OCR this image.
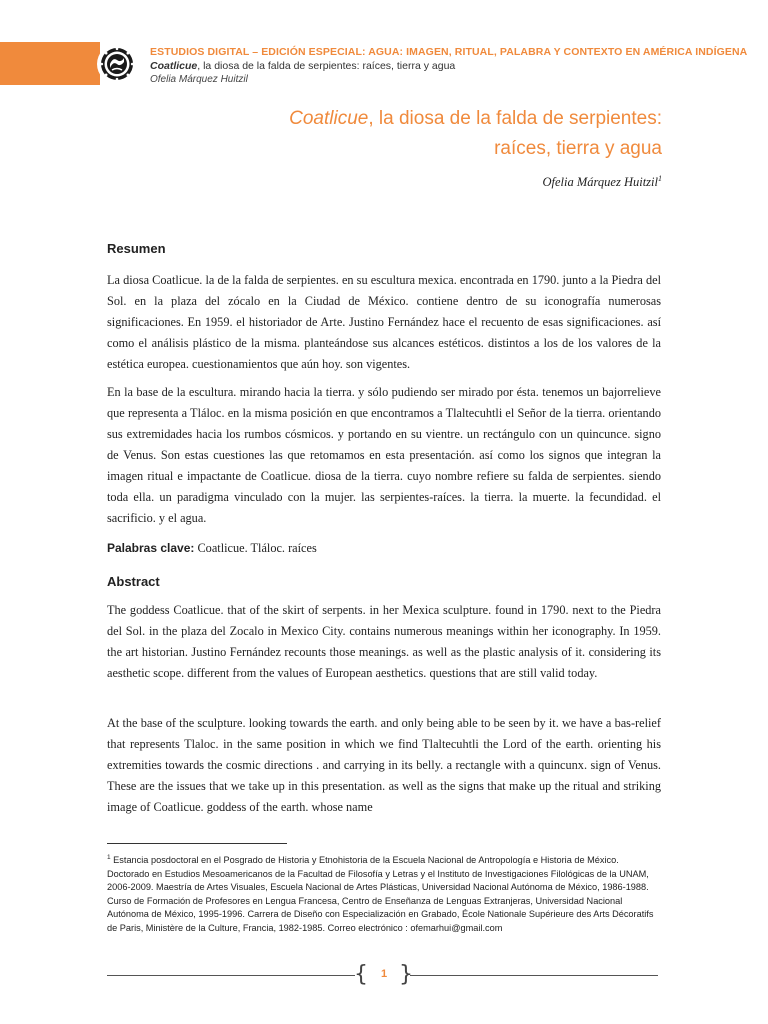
ESTUDIOS DIGITAL – EDICIÓN ESPECIAL: AGUA: IMAGEN, RITUAL, PALABRA Y CONTEXTO EN AMÉRICA INDÍGENA
Coatlicue, la diosa de la falda de serpientes: raíces, tierra y agua
Ofelia Márquez Huitzil
Coatlicue, la diosa de la falda de serpientes:
raíces, tierra y agua
Ofelia Márquez Huitzil$^1$
Resumen

La diosa Coatlicue. la de la falda de serpientes. en su escultura mexica. encontrada en 1790. junto a la Piedra del Sol. en la plaza del zócalo en la Ciudad de México. contiene dentro de su iconografía numerosas significaciones. En 1959. el historiador de Arte. Justino Fernández hace el recuento de esas significaciones. así como el análisis plástico de la misma. planteándose sus alcances estéticos. distintos a los de los valores de la estética europea. cuestionamientos que aún hoy. son vigentes.

En la base de la escultura. mirando hacia la tierra. y sólo pudiendo ser mirado por ésta. tenemos un bajorrelieve que representa a Tláloc. en la misma posición en que encontramos a Tlaltecuhtli el Señor de la tierra. orientando sus extremidades hacia los rumbos cósmicos. y portando en su vientre. un rectángulo con un quincunce. signo de Venus. Son estas cuestiones las que retomamos en esta presentación. así como los signos que integran la imagen ritual e impactante de Coatlicue. diosa de la tierra. cuyo nombre refiere su falda de serpientes. siendo toda ella. un paradigma vinculado con la mujer. las serpientes-raíces. la tierra. la muerte. la fecundidad. el sacrificio. y el agua.

Palabras clave: Coatlicue. Tláloc. raíces
Abstract

The goddess Coatlicue. that of the skirt of serpents. in her Mexica sculpture. found in 1790. next to the Piedra del Sol. in the plaza del Zocalo in Mexico City. contains numerous meanings within her iconography. In 1959. the art historian. Justino Fernández recounts those meanings. as well as the plastic analysis of it. considering its aesthetic scope. different from the values of European aesthetics. questions that are still valid today.

At the base of the sculpture. looking towards the earth. and only being able to be seen by it. we have a bas-relief that represents Tlaloc. in the same position in which we find Tlaltecuhtli the Lord of the earth. orienting his extremities towards the cosmic directions . and carrying in its belly. a rectangle with a quincunx. sign of Venus. These are the issues that we take up in this presentation. as well as the signs that make up the ritual and striking image of Coatlicue. goddess of the earth. whose name

$^1$ Estancia posdoctoral en el Posgrado de Historia y Etnohistoria de la Escuela Nacional de Antropología e Historia de México. Doctorado en Estudios Mesoamericanos de la Facultad de Filosofía y Letras y el Instituto de Investigaciones Filológicas de la UNAM, 2006-2009. Maestría de Artes Visuales, Escuela Nacional de Artes Plásticas, Universidad Nacional Autónoma de México, 1986-1988. Curso de Formación de Profesores en Lengua Francesa, Centro de Enseñanza de Lenguas Extranjeras, Universidad Nacional Autónoma de México, 1995-1996. Carrera de Diseño con Especialización en Grabado, École Nationale Supérieure des Arts Décoratifs de Paris, Ministère de la Culture, Francia, 1982-1985. Correo electrónico : ofemarhui@gmail.com

{ }
1
